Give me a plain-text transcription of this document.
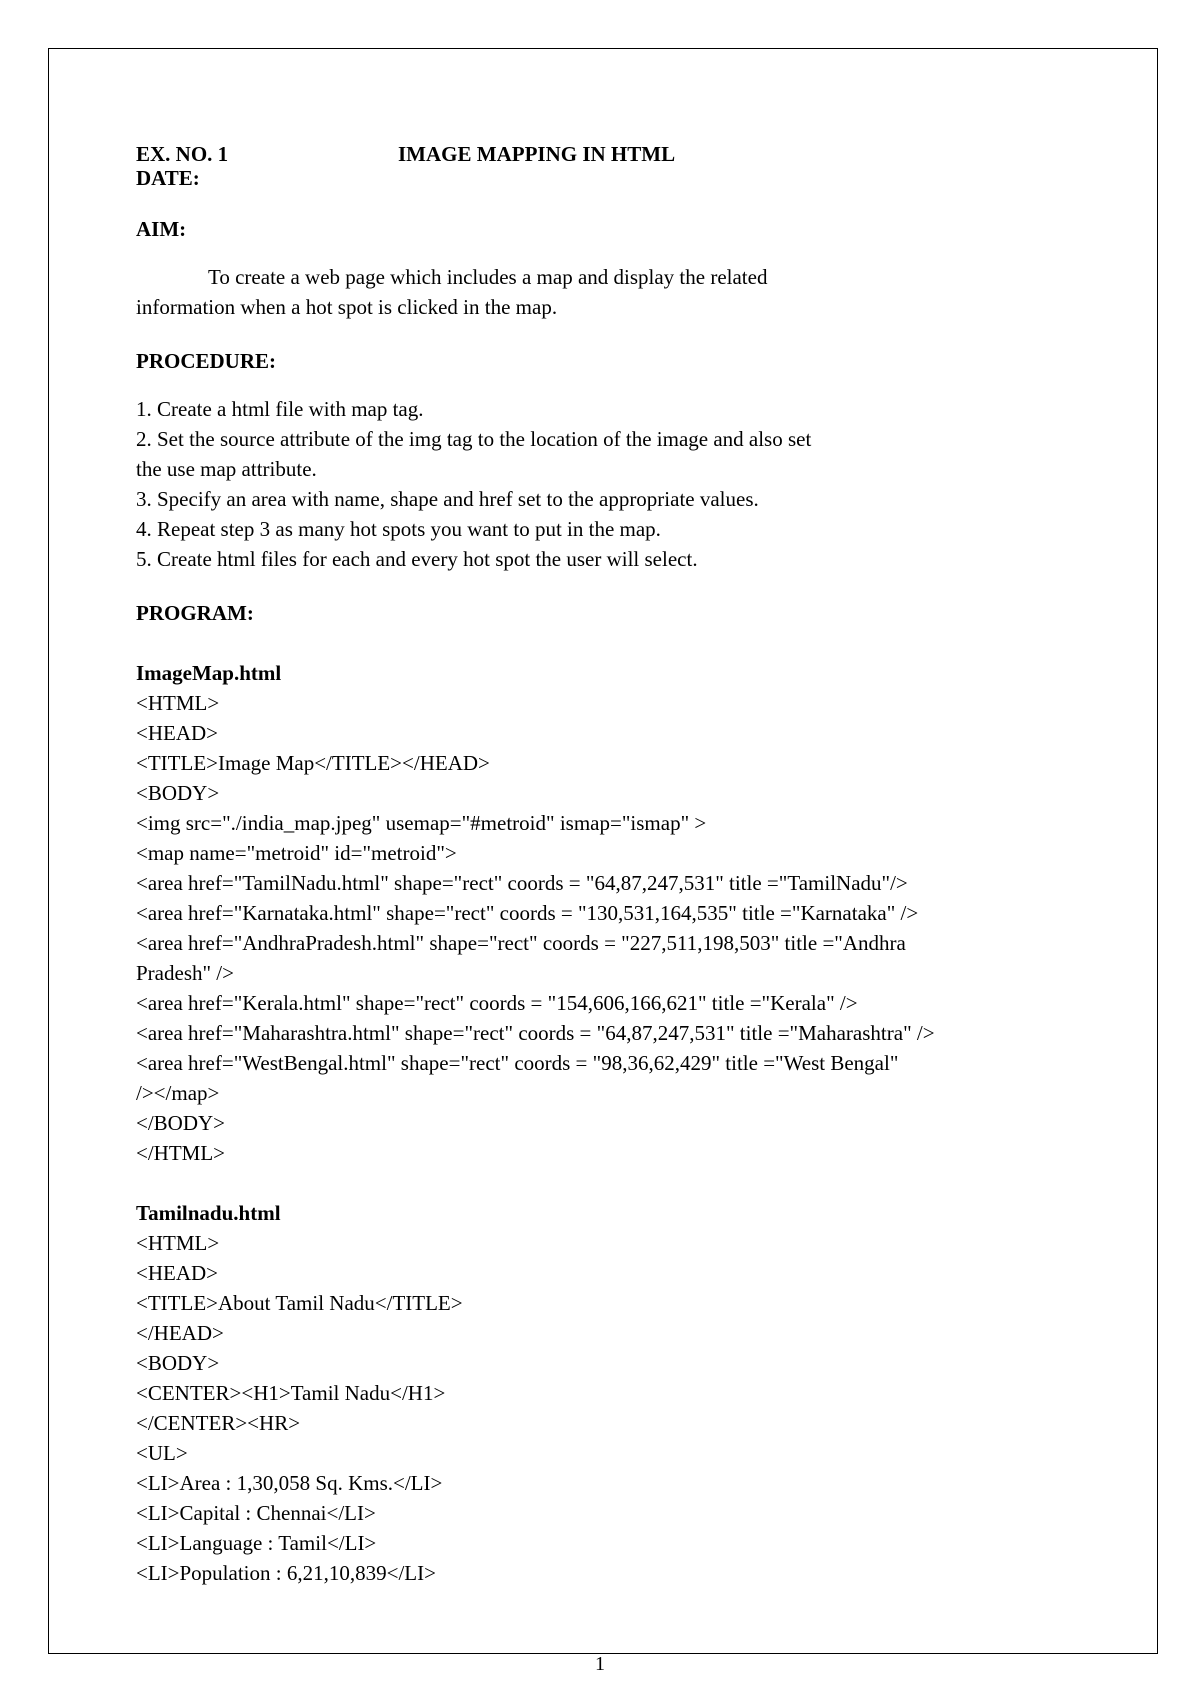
EX. NO. 1	IMAGE MAPPING IN HTML
DATE:
AIM:
To create a web page which includes a map and display the related
information when a hot spot is clicked in the map.
PROCEDURE:
1. Create a html file with map tag.
2. Set the source attribute of the img tag to the location of the image and also set
the use map attribute.
3. Specify an area with name, shape and href set to the appropriate values.
4. Repeat step 3 as many hot spots you want to put in the map.
5. Create html files for each and every hot spot the user will select.
PROGRAM:
ImageMap.html
<HTML>
<HEAD>
<TITLE>Image Map</TITLE></HEAD>
<BODY>
<img src="./india_map.jpeg" usemap="#metroid" ismap="ismap" >
<map name="metroid" id="metroid">
<area href="TamilNadu.html" shape="rect" coords = "64,87,247,531" title ="TamilNadu"/>
<area href="Karnataka.html" shape="rect" coords = "130,531,164,535" title ="Karnataka" />
<area href="AndhraPradesh.html" shape="rect" coords = "227,511,198,503" title ="Andhra
Pradesh" />
<area href="Kerala.html" shape="rect" coords = "154,606,166,621" title ="Kerala" />
<area href="Maharashtra.html" shape="rect" coords = "64,87,247,531" title ="Maharashtra" />
<area href="WestBengal.html" shape="rect" coords = "98,36,62,429" title ="West Bengal"
/></map>
</BODY>
</HTML>
Tamilnadu.html
<HTML>
<HEAD>
<TITLE>About Tamil Nadu</TITLE>
</HEAD>
<BODY>
<CENTER><H1>Tamil Nadu</H1>
</CENTER><HR>
<UL>
<LI>Area : 1,30,058 Sq. Kms.</LI>
<LI>Capital : Chennai</LI>
<LI>Language : Tamil</LI>
<LI>Population : 6,21,10,839</LI>
1
